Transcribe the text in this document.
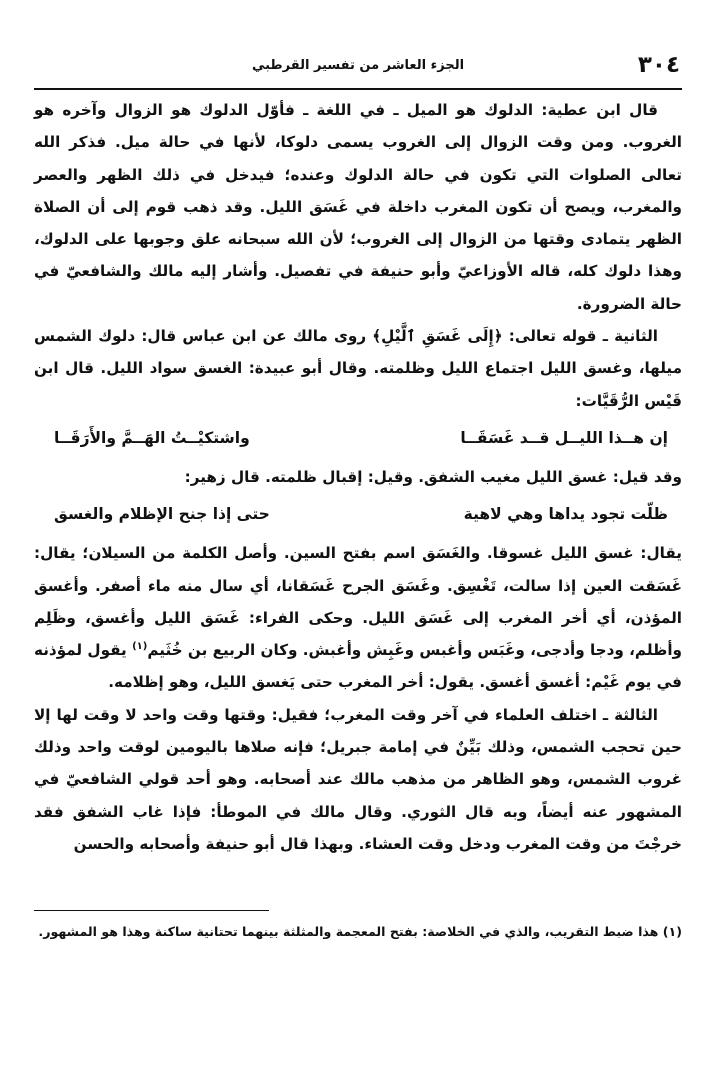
٣٠٤
الجزء العاشر من تفسير القرطبي

قال ابن عطية: الدلوك هو الميل ـ في اللغة ـ فأوّل الدلوك هو الزوال وآخره هو الغروب. ومن وقت الزوال إلى الغروب يسمى دلوكا، لأنها في حالة ميل. فذكر الله تعالى الصلوات التي تكون في حالة الدلوك وعنده؛ فيدخل في ذلك الظهر والعصر والمغرب، ويصح أن تكون المغرب داخلة في غَسَق الليل. وقد ذهب قوم إلى أن الصلاة الظهر يتمادى وقتها من الزوال إلى الغروب؛ لأن الله سبحانه علق وجوبها على الدلوك، وهذا دلوك كله، قاله الأوزاعيّ وأبو حنيفة في تفصيل. وأشار إليه مالك والشافعيّ في حالة الضرورة.

الثانية ـ قوله تعالى: ﴿إِلَى غَسَقِ ٱلَّيْلِ﴾ روى مالك عن ابن عباس قال: دلوك الشمس ميلها، وغسق الليل اجتماع الليل وظلمته. وقال أبو عبيدة: الغسق سواد الليل. قال ابن قَيْس الرُّقَيَّات:

إن هــذا الليــل قــد غَسَقَــا
واشتكيْــتُ الهَــمَّ والأَرَقَــا

وقد قيل: غسق الليل مغيب الشفق. وقيل: إقبال ظلمته. قال زهير:

ظلّت تجود يداها وهي لاهية
حتى إذا جنح الإظلام والغسق

يقال: غسق الليل غسوقا. والغَسَق اسم بفتح السين. وأصل الكلمة من السيلان؛ يقال: غَسَقت العين إذا سالت، تَغْسِق. وغَسَق الجرح غَسَقانا، أي سال منه ماء أصفر. وأغسق المؤذن، أي أخر المغرب إلى غَسَق الليل. وحكى الفراء: غَسَق الليل وأغسق، وظَلِم وأظلم، ودجا وأدجى، وغَبَس وأغبس وغَبِش وأغبش. وكان الربيع بن خُثَيم$^{(١)}$ يقول لمؤذنه في يوم غَيْم: أغسق أغسق. يقول: أخر المغرب حتى يَغسق الليل، وهو إظلامه.

الثالثة ـ اختلف العلماء في آخر وقت المغرب؛ فقيل: وقتها وقت واحد لا وقت لها إلا حين تحجب الشمس، وذلك بَيِّنٌ في إمامة جبريل؛ فإنه صلاها باليومين لوقت واحد وذلك غروب الشمس، وهو الظاهر من مذهب مالك عند أصحابه. وهو أحد قولي الشافعيّ في المشهور عنه أيضاً، وبه قال الثوري. وقال مالك في الموطأ: فإذا غاب الشفق فقد خرجْتَ من وقت المغرب ودخل وقت العشاء. وبهذا قال أبو حنيفة وأصحابه والحسن

(١) هذا ضبط التقريب، والذي في الخلاصة: بفتح المعجمة والمثلثة بينهما تحتانية ساكنة وهذا هو المشهور.
